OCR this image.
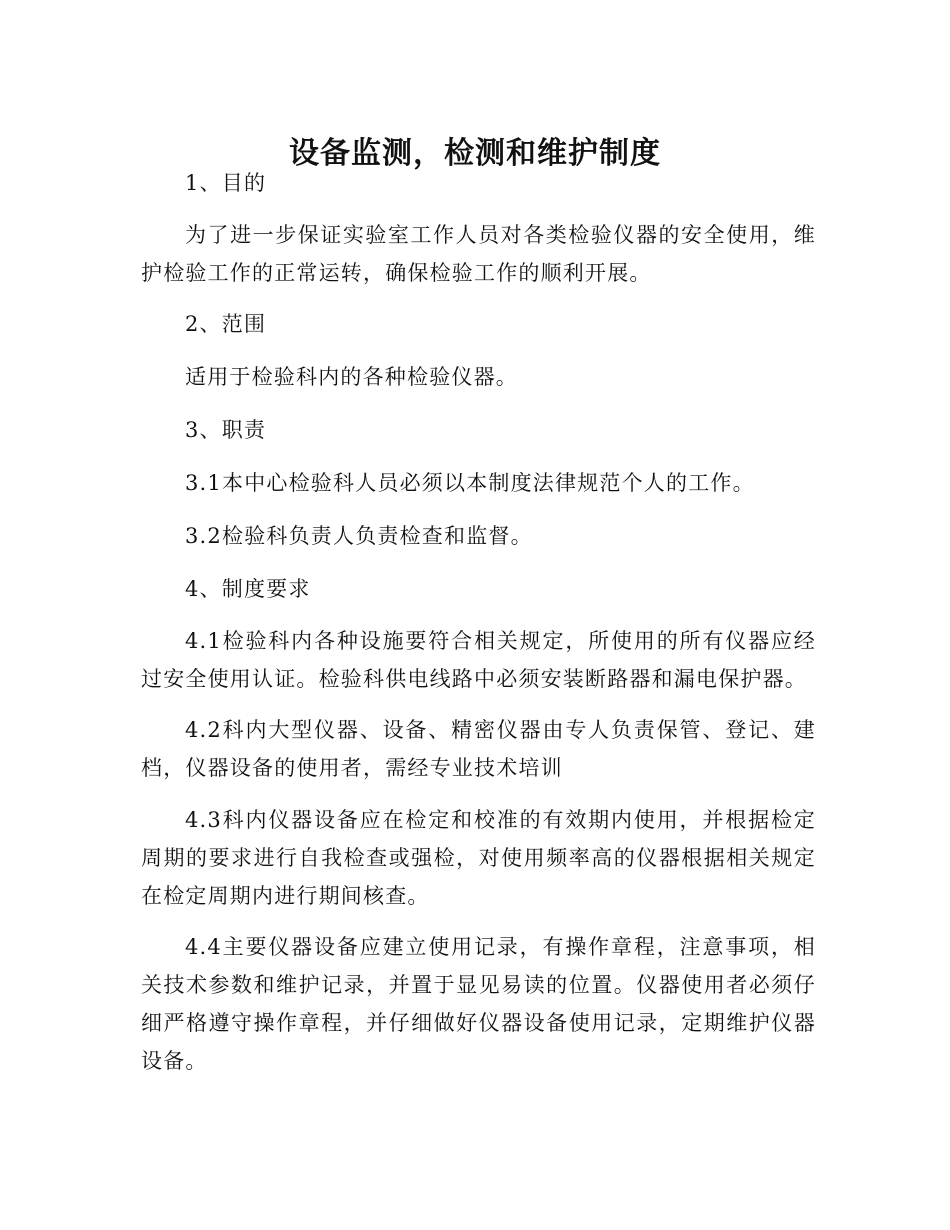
设备监测，检测和维护制度

1、目的

为了进一步保证实验室工作人员对各类检验仪器的安全使用，维护检验工作的正常运转，确保检验工作的顺利开展。

2、范围

适用于检验科内的各种检验仪器。

3、职责

3.1本中心检验科人员必须以本制度法律规范个人的工作。

3.2检验科负责人负责检查和监督。

4、制度要求

4.1检验科内各种设施要符合相关规定，所使用的所有仪器应经过安全使用认证。检验科供电线路中必须安装断路器和漏电保护器。

4.2科内大型仪器、设备、精密仪器由专人负责保管、登记、建档，仪器设备的使用者，需经专业技术培训

4.3科内仪器设备应在检定和校准的有效期内使用，并根据检定周期的要求进行自我检查或强检，对使用频率高的仪器根据相关规定在检定周期内进行期间核查。

4.4主要仪器设备应建立使用记录，有操作章程，注意事项，相关技术参数和维护记录，并置于显见易读的位置。仪器使用者必须仔细严格遵守操作章程，并仔细做好仪器设备使用记录，定期维护仪器设备。
